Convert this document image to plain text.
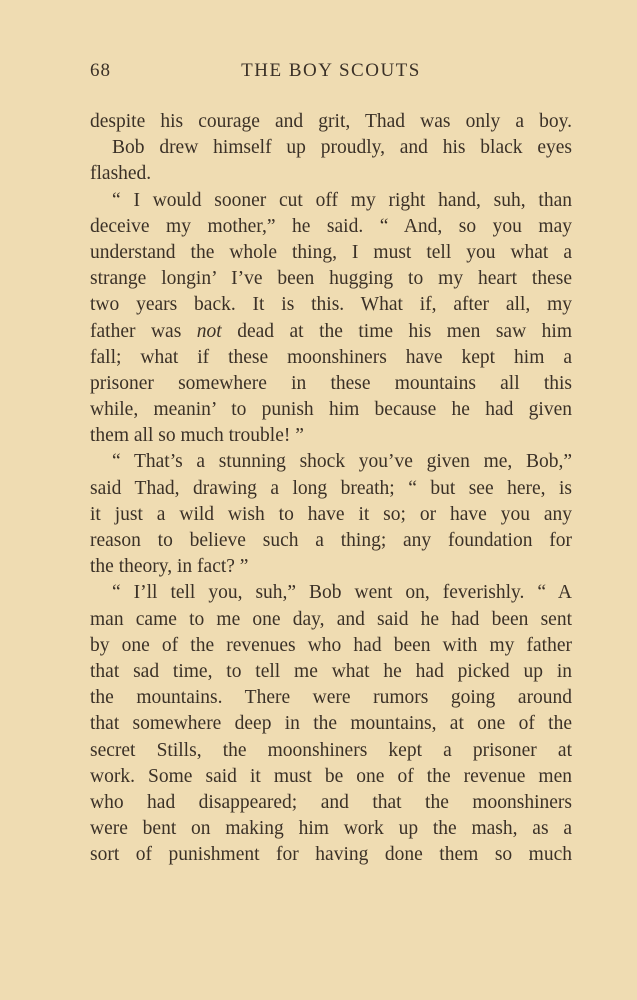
68	THE BOY SCOUTS
despite his courage and grit, Thad was only a boy.
Bob drew himself up proudly, and his black eyes
flashed.
“ I would sooner cut off my right hand, suh, than
deceive my mother,” he said. “ And, so you may
understand the whole thing, I must tell you what a
strange longin’ I’ve been hugging to my heart these
two years back. It is this. What if, after all, my
father was not dead at the time his men saw him
fall; what if these moonshiners have kept him a
prisoner somewhere in these mountains all this
while, meanin’ to punish him because he had given
them all so much trouble! ”
“ That’s a stunning shock you’ve given me, Bob,”
said Thad, drawing a long breath; “ but see here, is
it just a wild wish to have it so; or have you any
reason to believe such a thing; any foundation for
the theory, in fact? ”
“ I’ll tell you, suh,” Bob went on, feverishly. “ A
man came to me one day, and said he had been sent
by one of the revenues who had been with my father
that sad time, to tell me what he had picked up in
the mountains. There were rumors going around
that somewhere deep in the mountains, at one of the
secret Stills, the moonshiners kept a prisoner at
work. Some said it must be one of the revenue men
who had disappeared; and that the moonshiners
were bent on making him work up the mash, as a
sort of punishment for having done them so much
